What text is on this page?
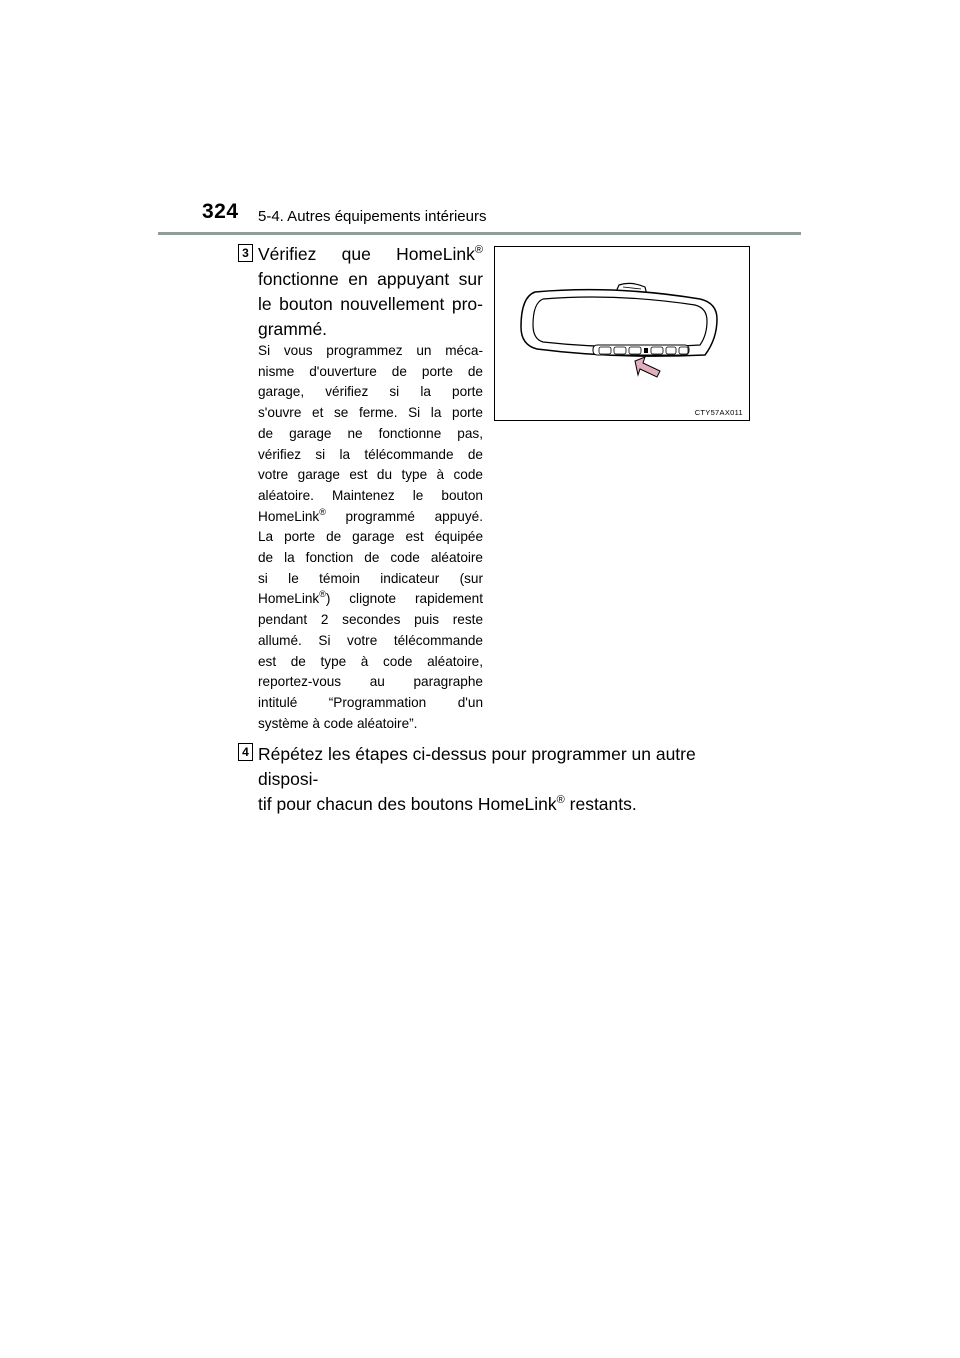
324 5-4. Autres équipements intérieurs
3 Vérifiez que HomeLink®
fonctionne en appuyant sur
le bouton nouvellement pro-
grammé.
Si vous programmez un méca-
nisme d'ouverture de porte de
garage, vérifiez si la porte
s'ouvre et se ferme. Si la porte
de garage ne fonctionne pas,
vérifiez si la télécommande de
votre garage est du type à code
aléatoire. Maintenez le bouton
HomeLink® programmé appuyé.
La porte de garage est équipée
de la fonction de code aléatoire
si le témoin indicateur (sur
HomeLink®) clignote rapidement
pendant 2 secondes puis reste
allumé. Si votre télécommande
est de type à code aléatoire,
reportez-vous au paragraphe
intitulé “Programmation d'un
système à code aléatoire”.
CTY57AX011
4 Répétez les étapes ci-dessus pour programmer un autre disposi-
tif pour chacun des boutons HomeLink® restants.
